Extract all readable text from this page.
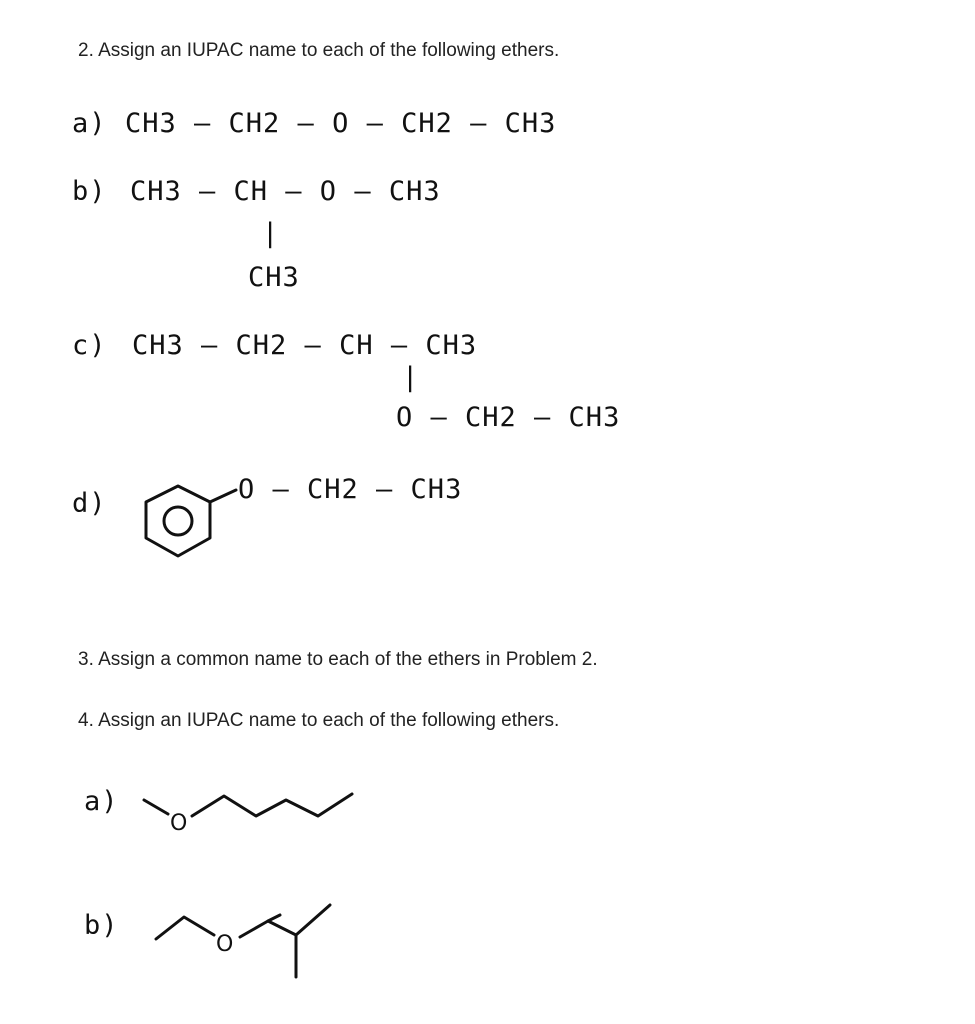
2. Assign an IUPAC name to each of the following ethers.
a) CH3 – CH2 – O – CH2 – CH3
b) CH3 – CH – O – CH3
|
CH3
c) CH3 – CH2 – CH – CH3
|
O – CH2 – CH3
d)	O – CH2 – CH3
3. Assign a common name to each of the ethers in Problem 2.
4. Assign an IUPAC name to each of the following ethers.
a)
O
b)
O
